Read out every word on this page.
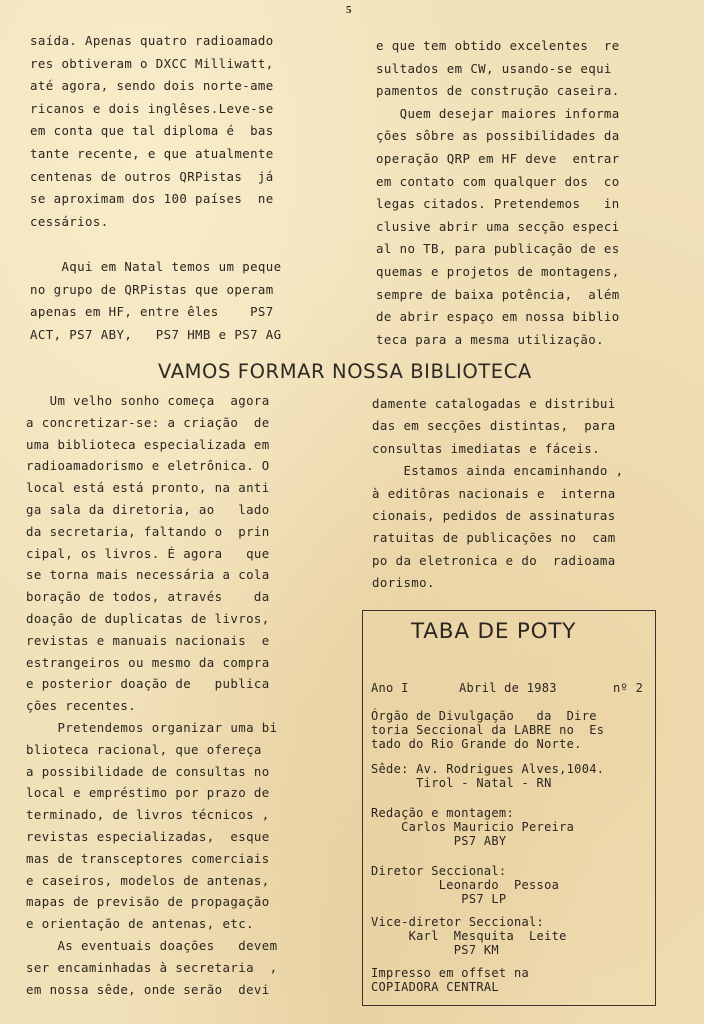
5
saída. Apenas quatro radioamado
res obtiveram o DXCC Milliwatt,
até agora, sendo dois norte-ame
ricanos e dois inglêses.Leve-se
em conta que tal diploma é  bas
tante recente, e que atualmente
centenas de outros QRPistas  já
se aproximam dos 100 países  ne
cessários.

Aqui em Natal temos um peque
no grupo de QRPistas que operam
apenas em HF, entre êles    PS7
ACT, PS7 ABY,   PS7 HMB e PS7 AG
e que tem obtido excelentes  re
sultados em CW, usando-se equi
pamentos de construção caseira.
Quem desejar maiores informa
ções sôbre as possibilidades da
operação QRP em HF deve  entrar
em contato com qualquer dos  co
legas citados. Pretendemos   in
clusive abrir uma secção especi
al no TB, para publicação de es
quemas e projetos de montagens,
sempre de baixa potência,  além
de abrir espaço em nossa biblio
teca para a mesma utilização.
VAMOS FORMAR NOSSA BIBLIOTECA
Um velho sonho começa  agora
a concretizar-se: a criação  de
uma biblioteca especializada em
radioamadorismo e eletrônica. O
local está está pronto, na anti
ga sala da diretoria, ao   lado
da secretaria, faltando o  prin
cipal, os livros. É agora   que
se torna mais necessária a cola
boração de todos, através    da
doação de duplicatas de livros,
revistas e manuais nacionais  e
estrangeiros ou mesmo da compra
e posterior doação de   publica
ções recentes.
Pretendemos organizar uma bi
blioteca racional, que ofereça
a possibilidade de consultas no
local e empréstimo por prazo de
terminado, de livros técnicos ,
revistas especializadas,  esque
mas de transceptores comerciais
e caseiros, modelos de antenas,
mapas de previsão de propagação
e orientação de antenas, etc.
As eventuais doações   devem
ser encaminhadas à secretaria  ,
em nossa sêde, onde serão  devi
damente catalogadas e distribui
das em secções distintas,  para
consultas imediatas e fáceis.
Estamos ainda encaminhando ,
à editôras nacionais e  interna
cionais, pedidos de assinaturas
ratuitas de publicações no  cam
po da eletronica e do  radioama
dorismo.
TABA DE POTY
Ano I	Abril de 1983	nº 2
Órgão de Divulgação   da  Dire
toria Seccional da LABRE no  Es
tado do Rio Grande do Norte.
Sêde: Av. Rodrigues Alves,1004.
Tirol - Natal - RN
Redação e montagem:
Carlos Mauricio Pereira
PS7 ABY
Diretor Seccional:
Leonardo  Pessoa
PS7 LP
Vice-diretor Seccional:
Karl  Mesquita  Leite
PS7 KM
Impresso em offset na
COPIADORA CENTRAL
